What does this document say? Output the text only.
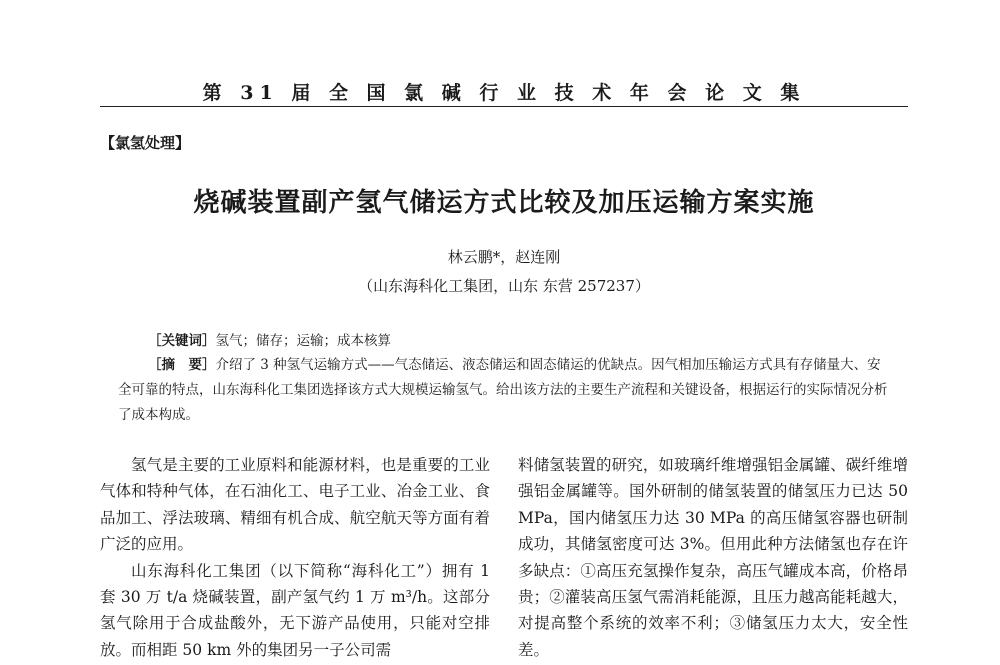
第 31 届 全 国 氯 碱 行 业 技 术 年 会 论 文 集
【氯氢处理】
烧碱装置副产氢气储运方式比较及加压运输方案实施
林云鹏*，赵连刚
（山东海科化工集团，山东 东营 257237）
［关键词］氢气；储存；运输；成本核算
［摘　要］介绍了 3 种氢气运输方式——气态储运、液态储运和固态储运的优缺点。因气相加压输运方式具有存储量大、安全可靠的特点，山东海科化工集团选择该方式大规模运输氢气。给出该方法的主要生产流程和关键设备，根据运行的实际情况分析了成本构成。

氢气是主要的工业原料和能源材料，也是重要的工业气体和特种气体，在石油化工、电子工业、冶金工业、食品加工、浮法玻璃、精细有机合成、航空航天等方面有着广泛的应用。

山东海科化工集团（以下简称“海科化工”）拥有 1 套 30 万 t/a 烧碱装置，副产氢气约 1 万 m³/h。这部分氢气除用于合成盐酸外，无下游产品使用，只能对空排放。而相距 50 km 外的集团另一子公司需

料储氢装置的研究，如玻璃纤维增强铝金属罐、碳纤维增强铝金属罐等。国外研制的储氢装置的储氢压力已达 50 MPa，国内储氢压力达 30 MPa 的高压储氢容器也研制成功，其储氢密度可达 3%。但用此种方法储氢也存在许多缺点：①高压充氢操作复杂，高压气罐成本高，价格昂贵；②灌装高压氢气需消耗能源，且压力越高能耗越大，对提高整个系统的效率不利；③储氢压力太大，安全性差。
